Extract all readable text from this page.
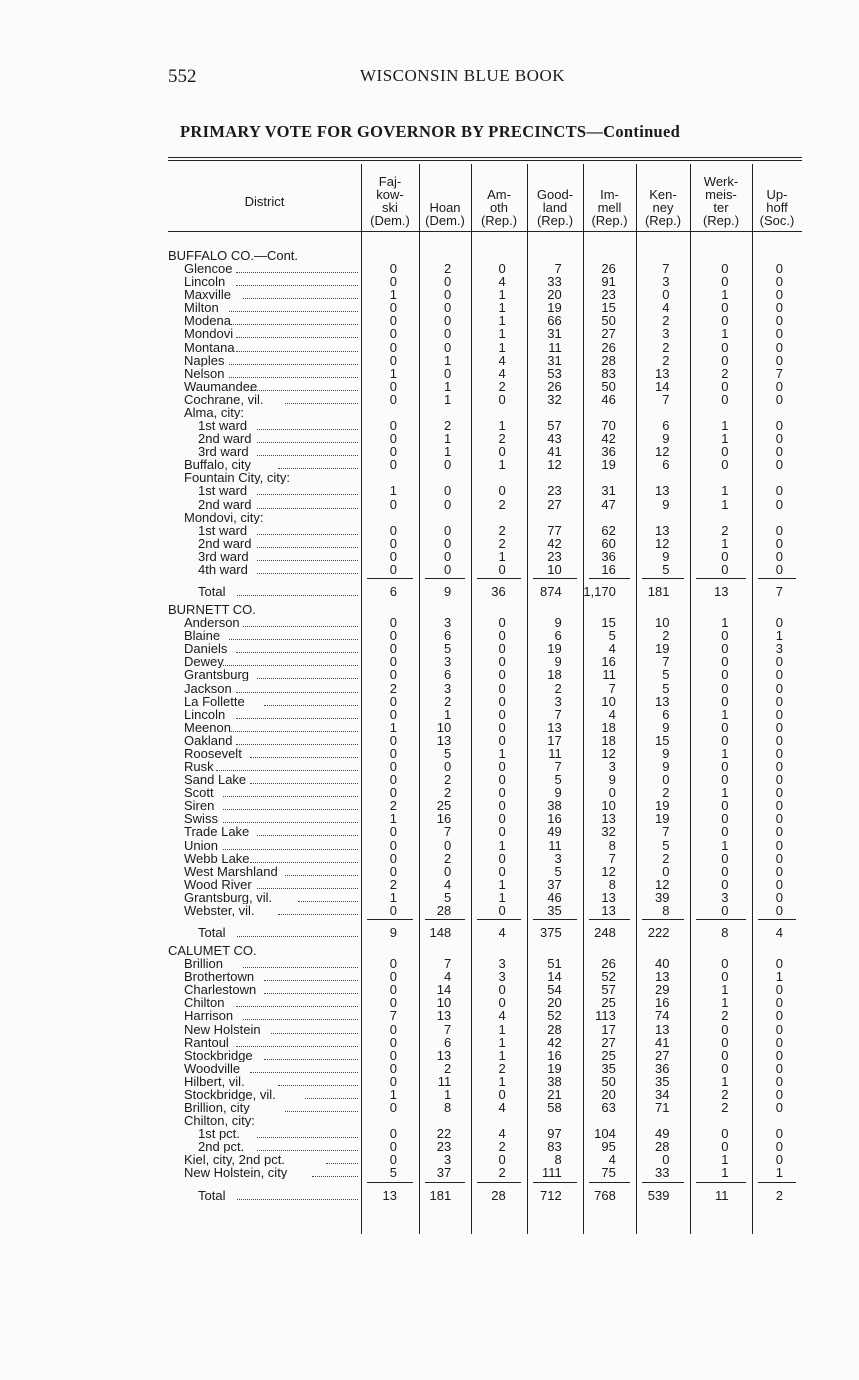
552	WISCONSIN BLUE BOOK
PRIMARY VOTE FOR GOVERNOR BY PRECINCTS—Continued
District
Faj-
kow-
ski
(Dem.)
Hoan
(Dem.)
Am-
oth
(Rep.)
Good-
land
(Rep.)
Im-
mell
(Rep.)
Ken-
ney
(Rep.)
Werk-
meis-
ter
(Rep.)
Up-
hoff
(Soc.)
BUFFALO CO.—Cont.
Glencoe	0	2	0	7	26	7	0	0
Lincoln	0	0	4	33	91	3	0	0
Maxville	1	0	1	20	23	0	1	0
Milton	0	0	1	19	15	4	0	0
Modena	0	0	1	66	50	2	0	0
Mondovi	0	0	1	31	27	3	1	0
Montana	0	0	1	11	26	2	0	0
Naples	0	1	4	31	28	2	0	0
Nelson	1	0	4	53	83	13	2	7
Waumandee	0	1	2	26	50	14	0	0
Cochrane, vil.	0	1	0	32	46	7	0	0
Alma, city:
1st ward	0	2	1	57	70	6	1	0
2nd ward	0	1	2	43	42	9	1	0
3rd ward	0	1	0	41	36	12	0	0
Buffalo, city	0	0	1	12	19	6	0	0
Fountain City, city:
1st ward	1	0	0	23	31	13	1	0
2nd ward	0	0	2	27	47	9	1	0
Mondovi, city:
1st ward	0	0	2	77	62	13	2	0
2nd ward	0	0	2	42	60	12	1	0
3rd ward	0	0	1	23	36	9	0	0
4th ward	0	0	0	10	16	5	0	0
Total	6	9	36	874 1,170	181	13	7
BURNETT CO.
Anderson	0	3	0	9	15	10	1	0
Blaine	0	6	0	6	5	2	0	1
Daniels	0	5	0	19	4	19	0	3
Dewey	0	3	0	9	16	7	0	0
Grantsburg	0	6	0	18	11	5	0	0
Jackson	2	3	0	2	7	5	0	0
La Follette	0	2	0	3	10	13	0	0
Lincoln	0	1	0	7	4	6	1	0
Meenon	1	10	0	13	18	9	0	0
Oakland	0	13	0	17	18	15	0	0
Roosevelt	0	5	1	11	12	9	1	0
Rusk	0	0	0	7	3	9	0	0
Sand Lake	0	2	0	5	9	0	0	0
Scott	0	2	0	9	0	2	1	0
Siren	2	25	0	38	10	19	0	0
Swiss	1	16	0	16	13	19	0	0
Trade Lake	0	7	0	49	32	7	0	0
Union	0	0	1	11	8	5	1	0
Webb Lake	0	2	0	3	7	2	0	0
West Marshland	0	0	0	5	12	0	0	0
Wood River	2	4	1	37	8	12	0	0
Grantsburg, vil.	1	5	1	46	13	39	3	0
Webster, vil.	0	28	0	35	13	8	0	0
Total	9	148	4	375	248	222	8	4
CALUMET CO.
Brillion	0	7	3	51	26	40	0	0
Brothertown	0	4	3	14	52	13	0	1
Charlestown	0	14	0	54	57	29	1	0
Chilton	0	10	0	20	25	16	1	0
Harrison	7	13	4	52	113	74	2	0
New Holstein	0	7	1	28	17	13	0	0
Rantoul	0	6	1	42	27	41	0	0
Stockbridge	0	13	1	16	25	27	0	0
Woodville	0	2	2	19	35	36	0	0
Hilbert, vil.	0	11	1	38	50	35	1	0
Stockbridge, vil.	1	1	0	21	20	34	2	0
Brillion, city	0	8	4	58	63	71	2	0
Chilton, city:
1st pct.	0	22	4	97	104	49	0	0
2nd pct.	0	23	2	83	95	28	0	0
Kiel, city, 2nd pct.	0	3	0	8	4	0	1	0
New Holstein, city	5	37	2	111	75	33	1	1
Total	13	181	28	712	768	539	11	2
